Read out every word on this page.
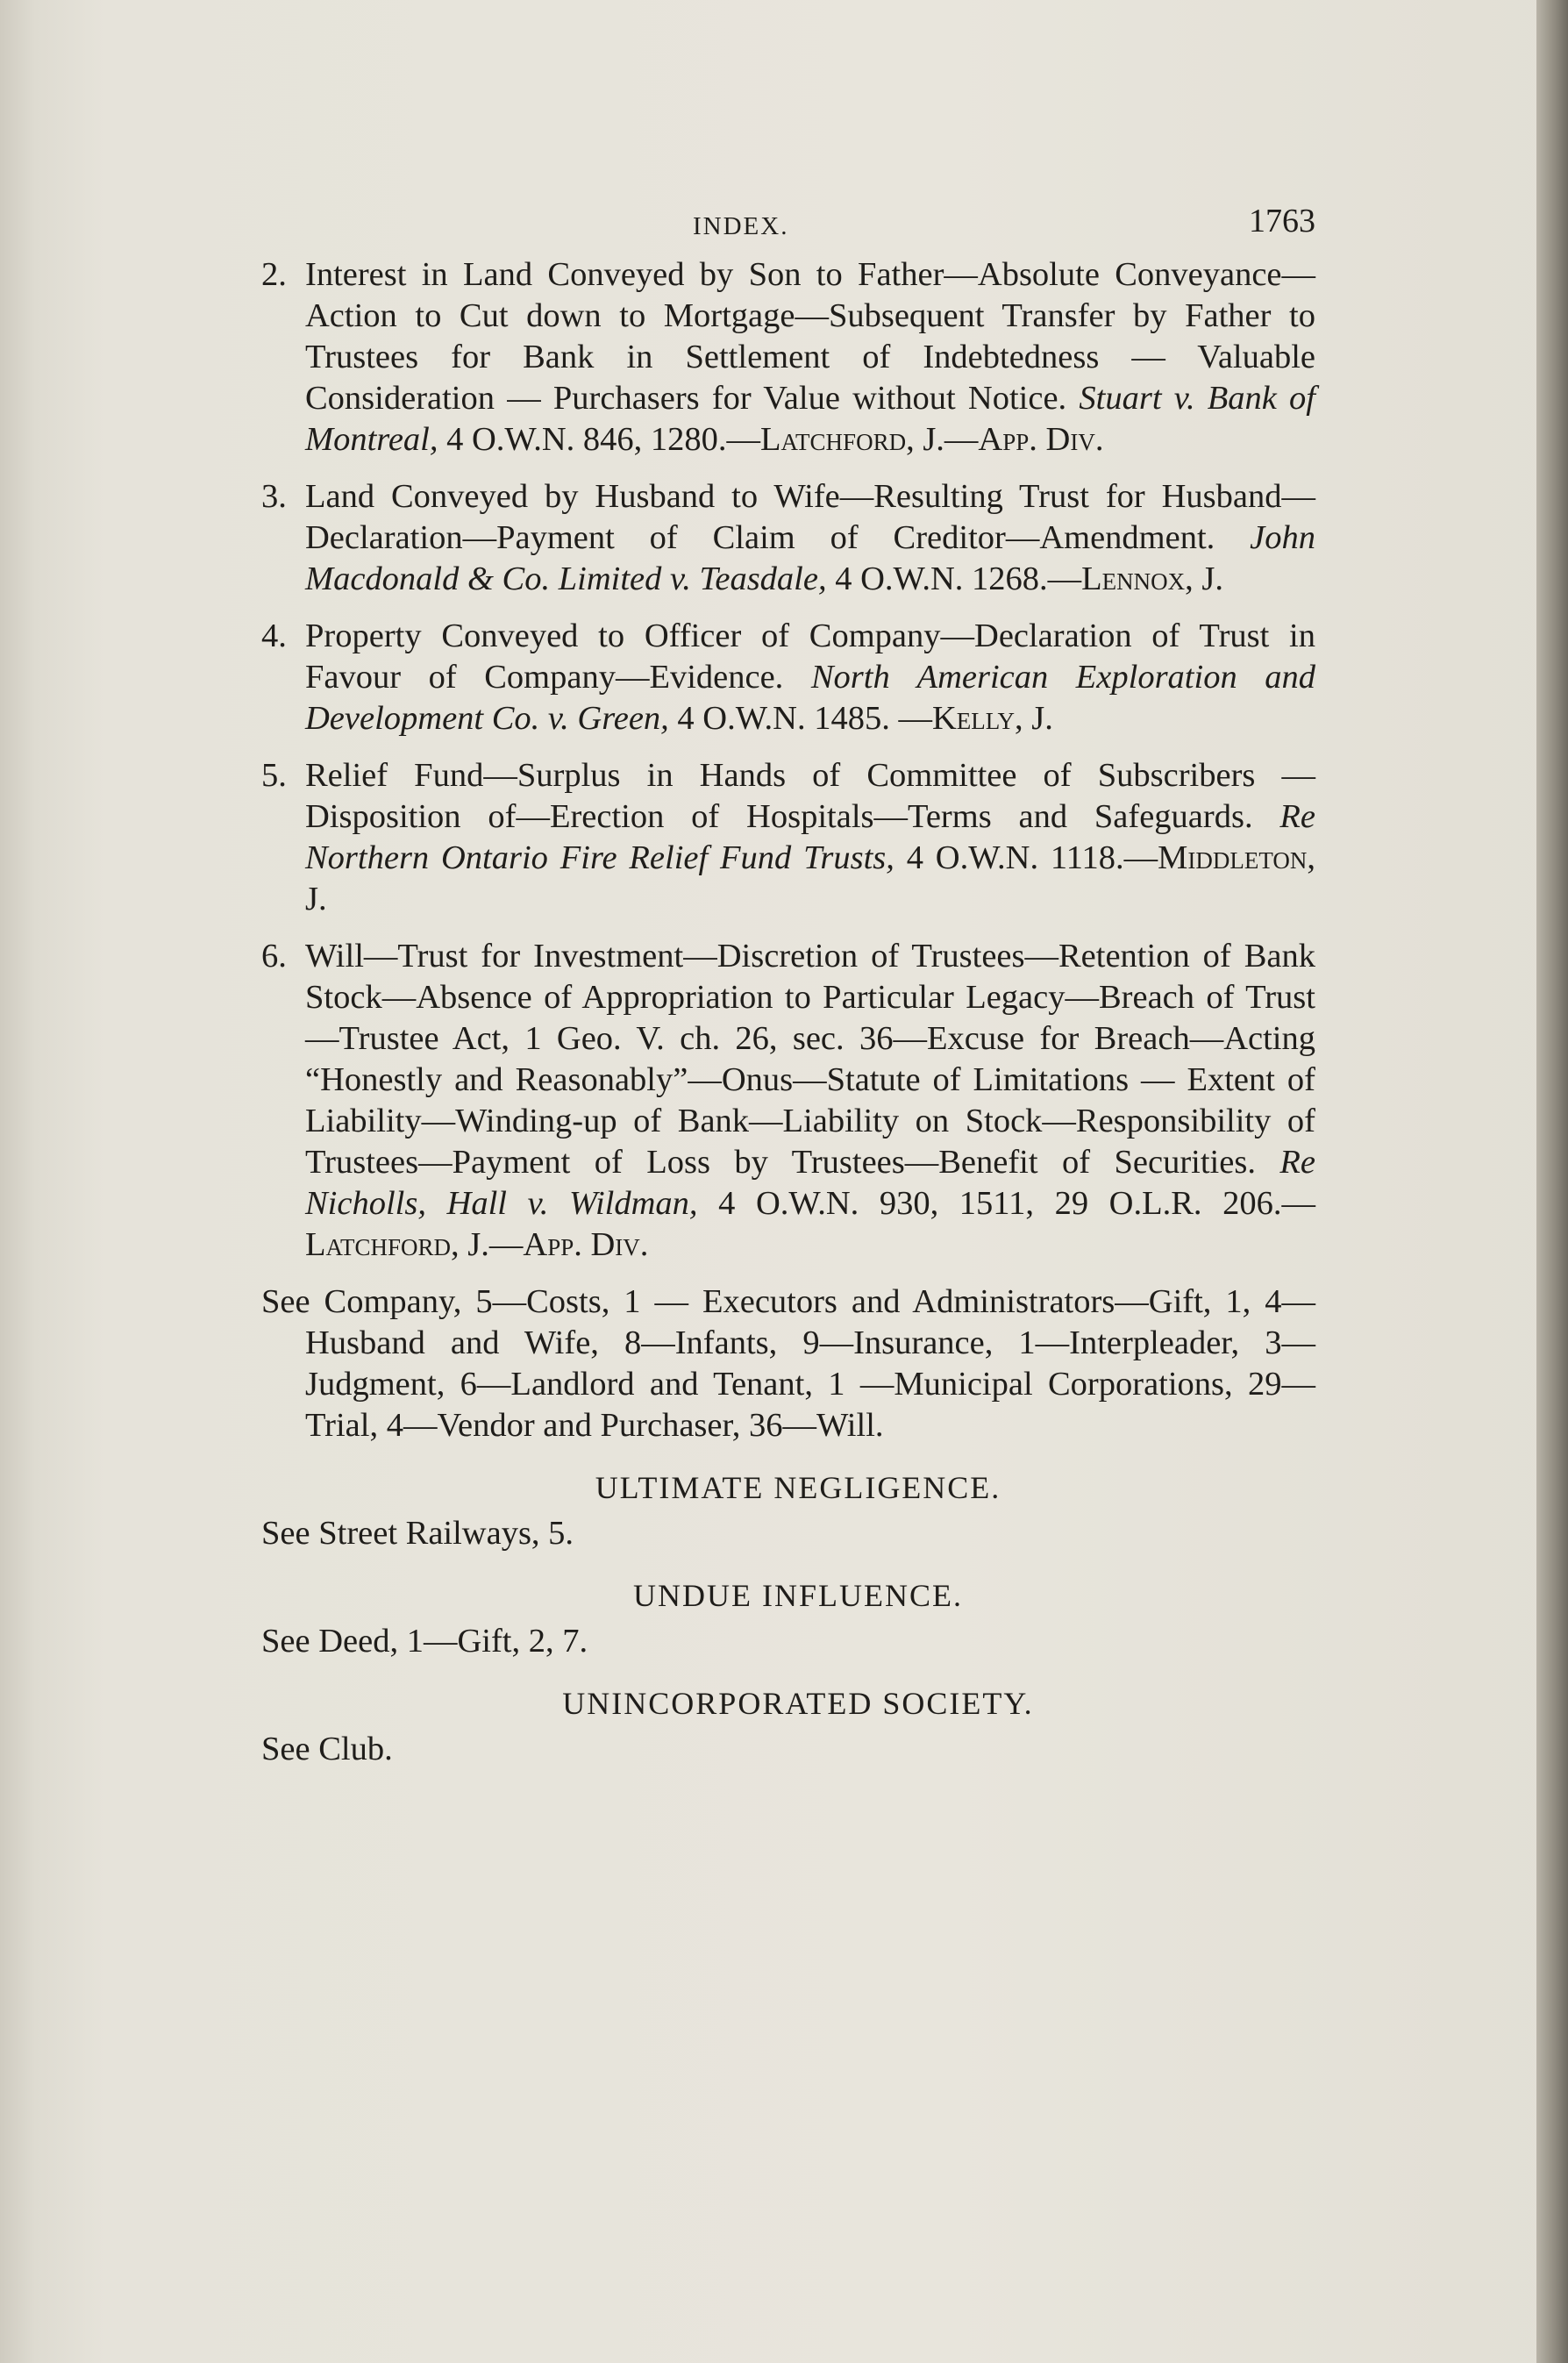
INDEX.	1763

2. Interest in Land Conveyed by Son to Father—Absolute Conveyance—Action to Cut down to Mortgage—Subsequent Transfer by Father to Trustees for Bank in Settlement of Indebtedness — Valuable Consideration — Purchasers for Value without Notice. Stuart v. Bank of Montreal, 4 O.W.N. 846, 1280.—Latchford, J.—App. Div.

3. Land Conveyed by Husband to Wife—Resulting Trust for Husband—Declaration—Payment of Claim of Creditor—Amendment. John Macdonald & Co. Limited v. Teasdale, 4 O.W.N. 1268.—Lennox, J.

4. Property Conveyed to Officer of Company—Declaration of Trust in Favour of Company—Evidence. North American Exploration and Development Co. v. Green, 4 O.W.N. 1485. —Kelly, J.

5. Relief Fund—Surplus in Hands of Committee of Subscribers —Disposition of—Erection of Hospitals—Terms and Safeguards. Re Northern Ontario Fire Relief Fund Trusts, 4 O.W.N. 1118.—Middleton, J.

6. Will—Trust for Investment—Discretion of Trustees—Retention of Bank Stock—Absence of Appropriation to Particular Legacy—Breach of Trust—Trustee Act, 1 Geo. V. ch. 26, sec. 36—Excuse for Breach—Acting “Honestly and Reasonably”—Onus—Statute of Limitations — Extent of Liability—Winding-up of Bank—Liability on Stock—Responsibility of Trustees—Payment of Loss by Trustees—Benefit of Securities. Re Nicholls, Hall v. Wildman, 4 O.W.N. 930, 1511, 29 O.L.R. 206.—Latchford, J.—App. Div.

See Company, 5—Costs, 1 — Executors and Administrators—Gift, 1, 4—Husband and Wife, 8—Infants, 9—Insurance, 1—Interpleader, 3—Judgment, 6—Landlord and Tenant, 1 —Municipal Corporations, 29—Trial, 4—Vendor and Purchaser, 36—Will.

ULTIMATE NEGLIGENCE.

See Street Railways, 5.

UNDUE INFLUENCE.

See Deed, 1—Gift, 2, 7.

UNINCORPORATED SOCIETY.

See Club.
